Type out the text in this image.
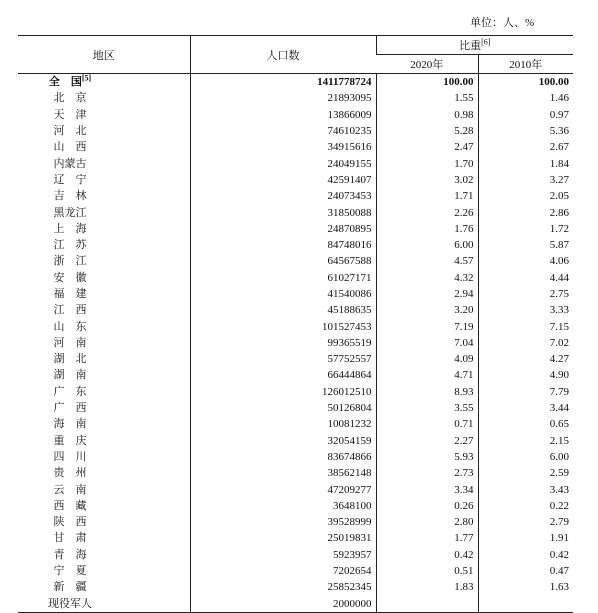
单位：人、%
地区	人口数	比重[6]
		2020年	2010年
全　国[5]	1411778724	100.00	100.00
北　京	21893095	1.55	1.46
天　津	13866009	0.98	0.97
河　北	74610235	5.28	5.36
山　西	34915616	2.47	2.67
内蒙古	24049155	1.70	1.84
辽　宁	42591407	3.02	3.27
吉　林	24073453	1.71	2.05
黑龙江	31850088	2.26	2.86
上　海	24870895	1.76	1.72
江　苏	84748016	6.00	5.87
浙　江	64567588	4.57	4.06
安　徽	61027171	4.32	4.44
福　建	41540086	2.94	2.75
江　西	45188635	3.20	3.33
山　东	101527453	7.19	7.15
河　南	99365519	7.04	7.02
湖　北	57752557	4.09	4.27
湖　南	66444864	4.71	4.90
广　东	126012510	8.93	7.79
广　西	50126804	3.55	3.44
海　南	10081232	0.71	0.65
重　庆	32054159	2.27	2.15
四　川	83674866	5.93	6.00
贵　州	38562148	2.73	2.59
云　南	47209277	3.34	3.43
西　藏	3648100	0.26	0.22
陕　西	39528999	2.80	2.79
甘　肃	25019831	1.77	1.91
青　海	5923957	0.42	0.42
宁　夏	7202654	0.51	0.47
新　疆	25852345	1.83	1.63
现役军人	2000000		
